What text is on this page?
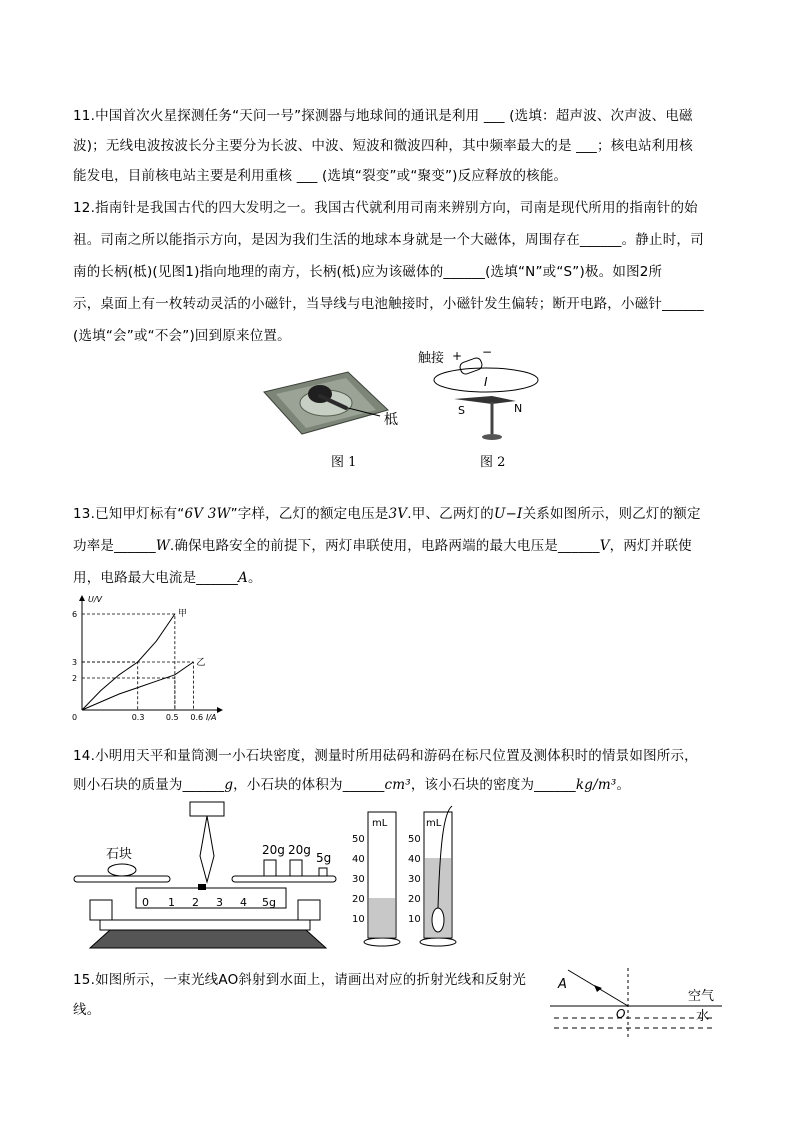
11.中国首次火星探测任务“天问一号”探测器与地球间的通讯是利用 ___ (选填：超声波、次声波、电磁
波)；无线电波按波长分主要分为长波、中波、短波和微波四种，其中频率最大的是 ___；核电站利用核
能发电，目前核电站主要是利用重核 ___ (选填“裂变”或“聚变”)反应释放的核能。
12.指南针是我国古代的四大发明之一。我国古代就利用司南来辨别方向，司南是现代所用的指南针的始
祖。司南之所以能指示方向，是因为我们生活的地球本身就是一个大磁体，周围存在______。静止时，司
南的长柄(柢)(见图1)指向地理的南方，长柄(柢)应为该磁体的______(选填“N”或“S”)极。如图2所
示，桌面上有一枚转动灵活的小磁针，当导线与电池触接时，小磁针发生偏转；断开电路，小磁针______
(选填“会”或“不会”)回到原来位置。
柢
图 1
触接 + −
I
S	N
图 2
13.已知甲灯标有“6V 3W”字样，乙灯的额定电压是3V.甲、乙两灯的U−I关系如图所示，则乙灯的额定
功率是______W.确保电路安全的前提下，两灯串联使用，电路两端的最大电压是______V，两灯并联使
用，电路最大电流是______A。
甲
乙
2
3
6
0.3	0.5 0.6
0
U/V
I/A
14.小明用天平和量筒测一小石块密度，测量时所用砝码和游码在标尺位置及测体积时的情景如图所示，
则小石块的质量为______g，小石块的体积为______cm³，该小石块的密度为______kg/m³。
石块	20g 20g
5g
0 1 2 3 4 5g
mL
50
40
30
20
10
mL
50
40
30
20
10
15.如图所示，一束光线AO斜射到水面上，请画出对应的折射光线和反射光
线。
A
O
空气
水
